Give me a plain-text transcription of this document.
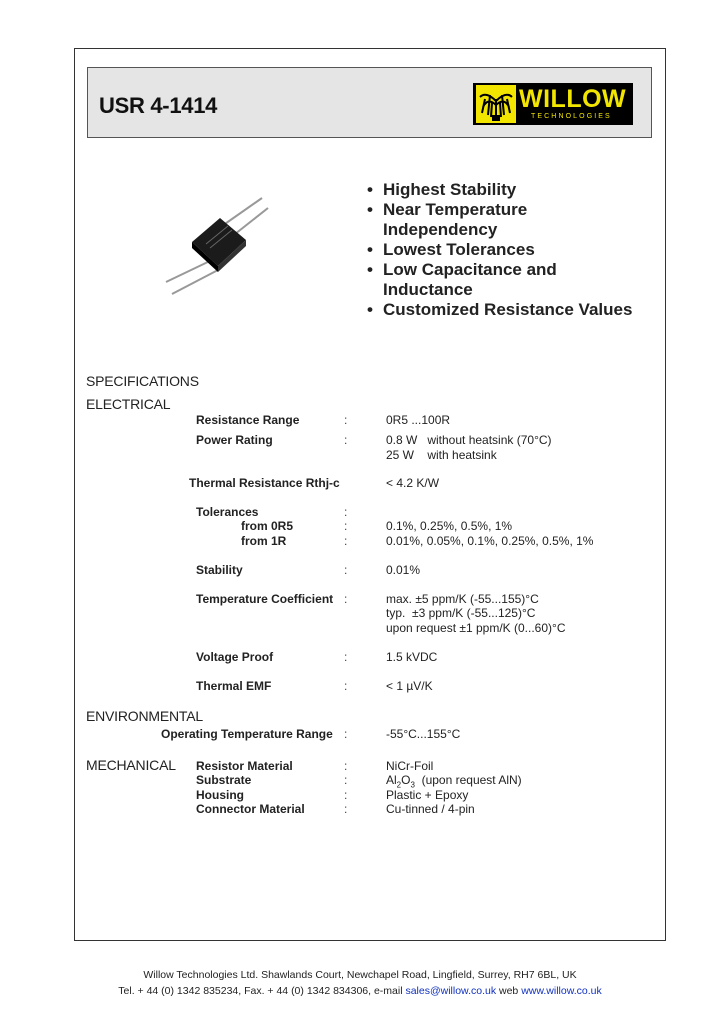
USR 4-1414	WILLOW
TECHNOLOGIES
• Highest Stability
• Near Temperature
Independency
• Lowest Tolerances
• Low Capacitance and
Inductance
• Customized Resistance Values
SPECIFICATIONS
ELECTRICAL
Resistance Range	:	0R5 ...100R
Power Rating	:	0.8 W   without heatsink (70°C)
25 W    with heatsink
Thermal Resistance Rthj-c	< 4.2 K/W
Tolerances	:
from 0R5	:	0.1%, 0.25%, 0.5%, 1%
from 1R	:	0.01%, 0.05%, 0.1%, 0.25%, 0.5%, 1%
Stability	:	0.01%
Temperature Coefficient :	max. ±5 ppm/K (-55...155)°C
typ.  ±3 ppm/K (-55...125)°C
upon request ±1 ppm/K (0...60)°C
Voltage Proof	:	1.5 kVDC
Thermal EMF	:	< 1 µV/K
ENVIRONMENTAL
Operating Temperature Range :	-55°C...155°C
MECHANICAL Resistor Material	:	NiCr-Foil
Substrate	:	$Al_2O_3$  (upon request AlN)
Housing	:	Plastic + Epoxy
Connector Material	:	Cu-tinned / 4-pin
Willow Technologies Ltd. Shawlands Court, Newchapel Road, Lingfield, Surrey, RH7 6BL, UK
Tel. + 44 (0) 1342 835234, Fax. + 44 (0) 1342 834306, e-mail sales@willow.co.uk web www.willow.co.uk
